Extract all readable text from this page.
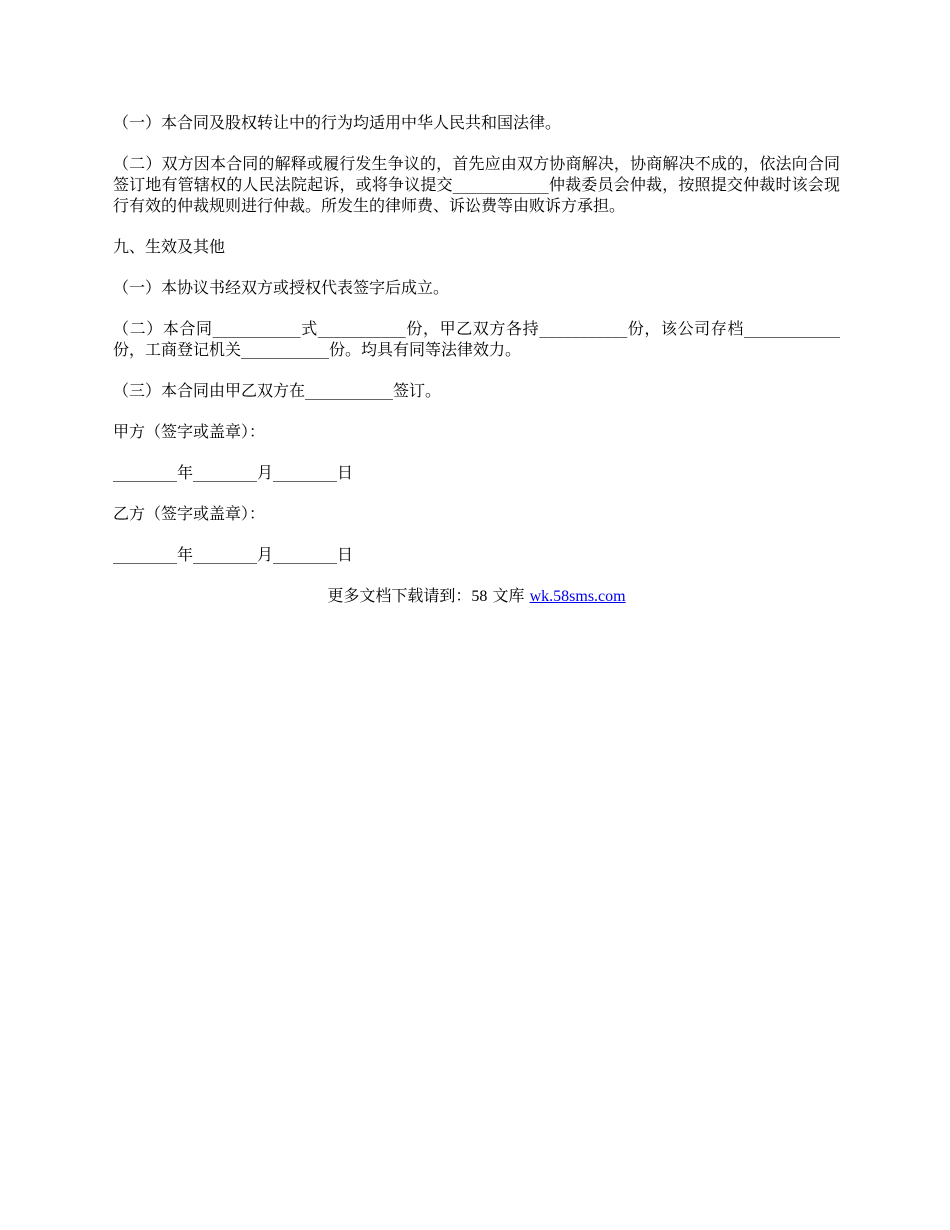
（一）本合同及股权转让中的行为均适用中华人民共和国法律。

（二）双方因本合同的解释或履行发生争议的，首先应由双方协商解决，协商解决不成的，依法向合同签订地有管辖权的人民法院起诉，或将争议提交____________仲裁委员会仲裁，按照提交仲裁时该会现行有效的仲裁规则进行仲裁。所发生的律师费、诉讼费等由败诉方承担。

九、生效及其他

（一）本协议书经双方或授权代表签字后成立。

（二）本合同___________式___________份，甲乙双方各持___________份，该公司存档____________份，工商登记机关___________份。均具有同等法律效力。

（三）本合同由甲乙双方在___________签订。

甲方（签字或盖章）：

________年________月________日

乙方（签字或盖章）：

________年________月________日

更多文档下载请到：58 文库 wk.58sms.com
